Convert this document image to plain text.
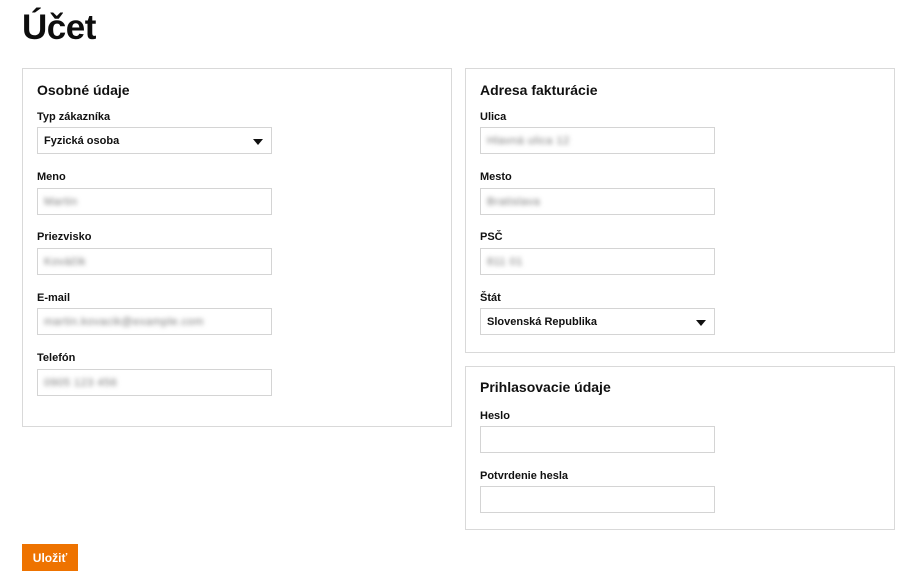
Účet
Osobné údaje
Typ zákazníka
Fyzická osoba
Meno
Martin
Priezvisko
Kováčik
E-mail
martin.kovacik@example.com
Telefón
0905 123 456
Adresa fakturácie
Ulica
Hlavná ulica 12
Mesto
Bratislava
PSČ
811 01
Štát
Slovenská Republika
Prihlasovacie údaje
Heslo
Potvrdenie hesla
Uložiť
